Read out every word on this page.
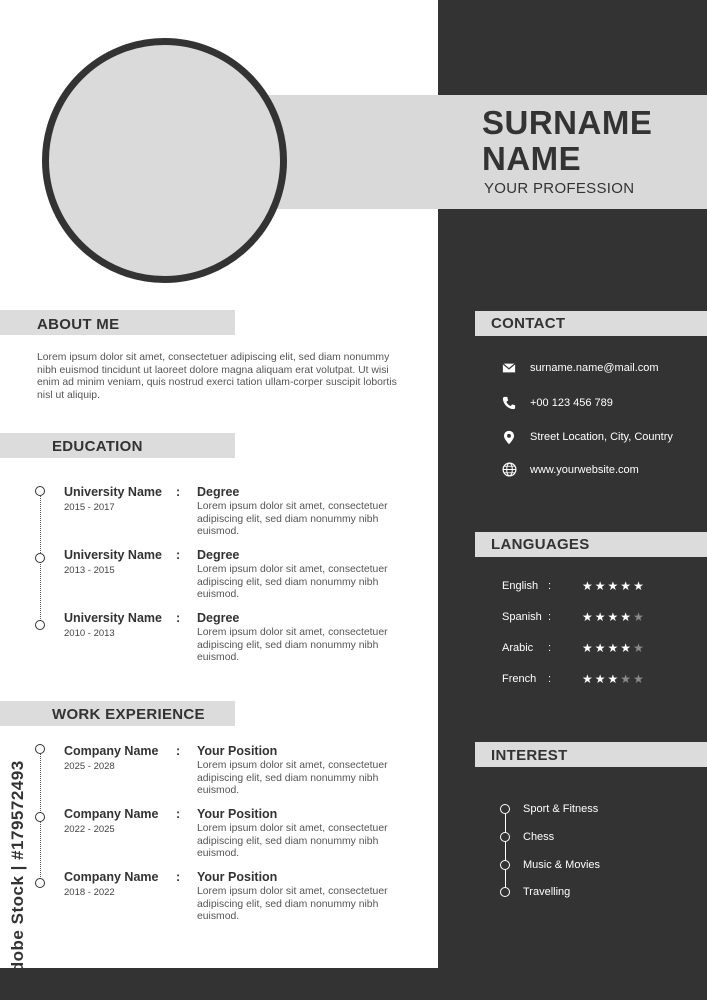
SURNAME
NAME
YOUR PROFESSION
ABOUT ME
Lorem ipsum dolor sit amet, consectetuer adipiscing elit, sed diam nonummy nibh euismod tincidunt ut laoreet dolore magna aliquam erat volutpat. Ut wisi enim ad minim veniam, quis nostrud exerci tation ullam-corper suscipit lobortis nisl ut aliquip.
EDUCATION
University Name :
2015 - 2017
Degree
Lorem ipsum dolor sit amet, consectetuer adipiscing elit, sed diam nonummy nibh euismod.
University Name :
2013 - 2015
Degree
Lorem ipsum dolor sit amet, consectetuer adipiscing elit, sed diam nonummy nibh euismod.
University Name :
2010 - 2013
Degree
Lorem ipsum dolor sit amet, consectetuer adipiscing elit, sed diam nonummy nibh euismod.
WORK EXPERIENCE
Company Name :
2025 - 2028
Your Position
Lorem ipsum dolor sit amet, consectetuer adipiscing elit, sed diam nonummy nibh euismod.
Company Name :
2022 - 2025
Your Position
Lorem ipsum dolor sit amet, consectetuer adipiscing elit, sed diam nonummy nibh euismod.
Company Name :
2018 - 2022
Your Position
Lorem ipsum dolor sit amet, consectetuer adipiscing elit, sed diam nonummy nibh euismod.
CONTACT
surname.name@mail.com
+00 123 456 789
Street Location, City, Country
www.yourwebsite.com
LANGUAGES
English :	★★★★★
Spanish :	★★★★★
Arabic :	★★★★★
French :	★★★★★
INTEREST
Sport & Fitness
Chess
Music & Movies
Travelling
Adobe Stock | #179572493
